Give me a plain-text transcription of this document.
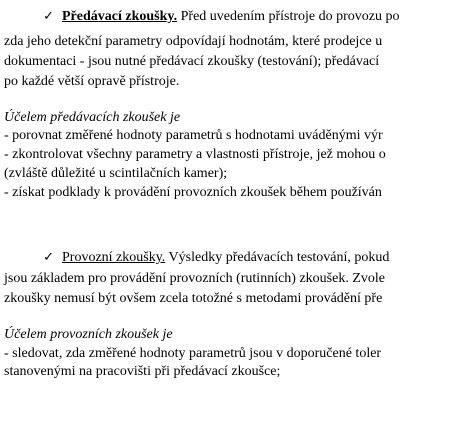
✓ Předávací zkoušky. Před uvedením přístroje do provozu po

zda jeho detekční parametry odpovídají hodnotám, které prodejce u

dokumentaci - jsou nutné předávací zkoušky (testování); předávací

po každé větší opravě přístroje.

Účelem předávacích zkoušek je

- porovnat změřené hodnoty parametrů s hodnotami uváděnými výr

- zkontrolovat všechny parametry a vlastnosti přístroje, jež mohou o

(zvláště důležité u scintilačních kamer);

- získat podklady k provádění provozních zkoušek během používán

✓ Provozní zkoušky. Výsledky předávacích testování, pokud

jsou základem pro provádění provozních (rutinních) zkoušek. Zvole

zkoušky nemusí být ovšem zcela totožné s metodami provádění pře

Účelem provozních zkoušek je

- sledovat, zda změřené hodnoty parametrů jsou v doporučené toler

stanovenými na pracovišti při předávací zkoušce;
